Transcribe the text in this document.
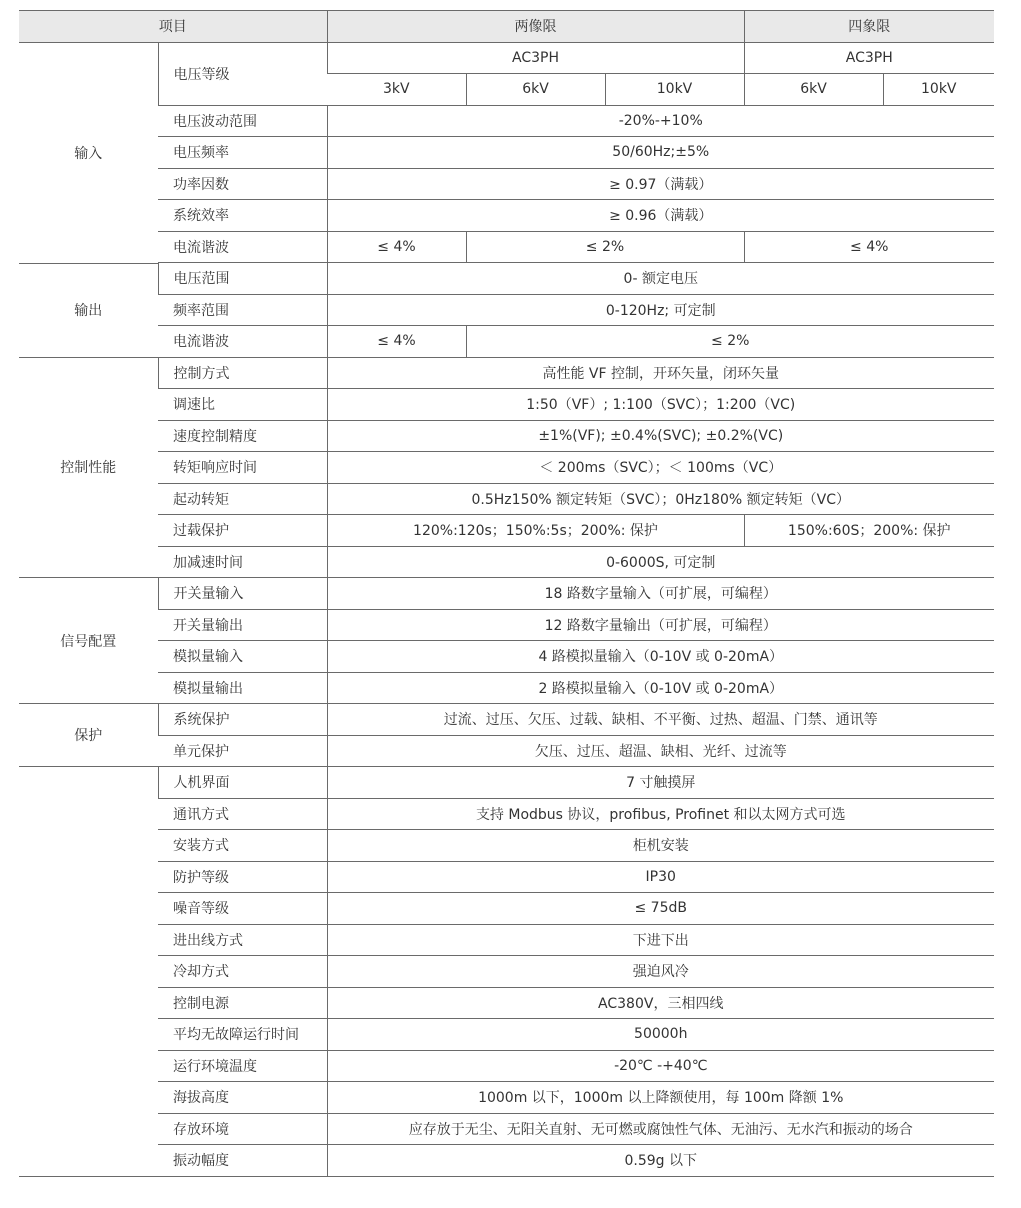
项目		两像限			四象限	
输入	电压等级	AC3PH			AC3PH	
		3kV	6kV	10kV	6kV	10kV
	电压波动范围	-20%-+10%				
	电压频率	50/60Hz;±5%				
	功率因数	≥ 0.97（满载）				
	系统效率	≥ 0.96（满载）				
	电流谐波	≤ 4%	≤ 2%		≤ 4%	

输出	电压范围	0- 额定电压				
	频率范围	0-120Hz; 可定制				
	电流谐波	≤ 4%	≤ 2%			
控制性能	控制方式	高性能 VF 控制，开环矢量，闭环矢量				
	调速比	1:50（VF）; 1:100（SVC）；1:200（VC)				
	速度控制精度	±1%(VF); ±0.4%(SVC); ±0.2%(VC)				
	转矩响应时间	＜ 200ms（SVC）；＜ 100ms（VC）				
	起动转矩	0.5Hz150% 额定转矩（SVC）；0Hz180% 额定转矩（VC）				
	过载保护	120%:120s；150%:5s；200%: 保护			150%:60S；200%: 保护	
	加减速时间	0-6000S, 可定制				
信号配置	开关量输入	18 路数字量输入（可扩展，可编程）				
	开关量输出	12 路数字量输出（可扩展，可编程）				
	模拟量输入	4 路模拟量输入（0-10V 或 0-20mA）				
	模拟量输出	2 路模拟量输入（0-10V 或 0-20mA）				
保护	系统保护	过流、过压、欠压、过载、缺相、不平衡、过热、超温、门禁、通讯等				
	单元保护	欠压、过压、超温、缺相、光纤、过流等				
	人机界面	7 寸触摸屏				
	通讯方式	支持 Modbus 协议，profibus, Profinet 和以太网方式可选				
	安装方式	柜机安装				
	防护等级	IP30				
	噪音等级	≤ 75dB				
	进出线方式	下进下出				
	冷却方式	强迫风冷				
	控制电源	AC380V，三相四线				
	平均无故障运行时间	50000h				
	运行环境温度	-20℃ -+40℃				
	海拔高度	1000m 以下，1000m 以上降额使用，每 100m 降额 1%				
	存放环境	应存放于无尘、无阳关直射、无可燃或腐蚀性气体、无油污、无水汽和振动的场合				
	振动幅度	0.59g 以下				
